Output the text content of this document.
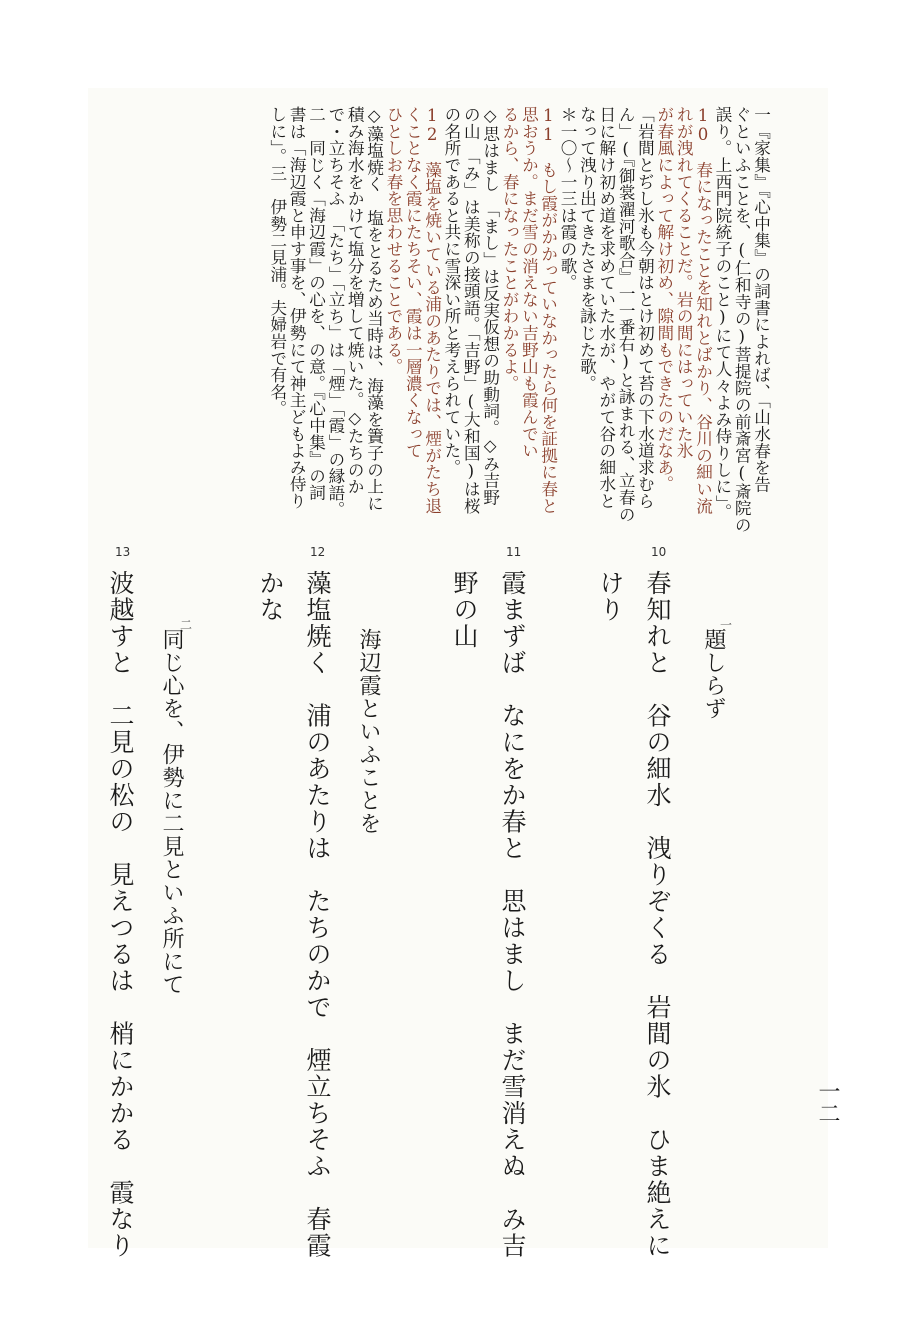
一『家集』『心中集』の詞書によれば、「山水春を告
ぐといふことを、(仁和寺の)菩提院の前斎宮(斎院の
誤り。上西門院統子のこと)にて人々よみ侍りしに」。
10　春になったことを知れとばかり、谷川の細い流
れが洩れてくることだ。岩の間にはっていた氷
が春風によって解け初め、隙間もできたのだなあ。
「岩間とぢし氷も今朝はとけ初めて苔の下水道求むら
ん」(『御裳濯河歌合』一一番右)と詠まれる、立春の
日に解け初め道を求めていた水が、やがて谷の細水と
なって洩り出てきたさまを詠じた歌。
＊一〇〜一三は霞の歌。
11　もし霞がかかっていなかったら何を証拠に春と
思おうか。まだ雪の消えない吉野山も霞んでい
るから、春になったことがわかるよ。
◇思はまし　「まし」は反実仮想の助動詞。◇み吉野
の山　「み」は美称の接頭語。「吉野」(大和国)は桜
の名所であると共に雪深い所と考えられていた。
12　藻塩を焼いている浦のあたりでは、煙がたち退
くことなく霞にたちそい、霞は一層濃くなって
ひとしお春を思わせることである。
◇藻塩焼く　塩をとるため当時は、海藻を簀子の上に
積み海水をかけて塩分を増して焼いた。◇たちのか
で・立ちそふ　「たち」「立ち」は「煙」「霞」の縁語。
二　同じく「海辺霞」の心を、の意。『心中集』の詞
書は「海辺霞と申す事を、伊勢にて神主どもよみ侍り
しに」。三　伊勢二見浦。夫婦岩で有名。
一二
10
一
題しらず
春知れと　谷の細水　洩りぞくる　岩間の氷　ひま絶えに
けり
11
霞まずば　なにをか春と　思はまし　まだ雪消えぬ　み吉
野の山
12
海辺霞といふことを
藻塩焼く　浦のあたりは　たちのかで　煙立ちそふ　春霞
かな
13
二
同じ心を、伊勢に二見といふ所にて
波越すと　二見の松の　見えつるは　梢にかかる　霞なり
